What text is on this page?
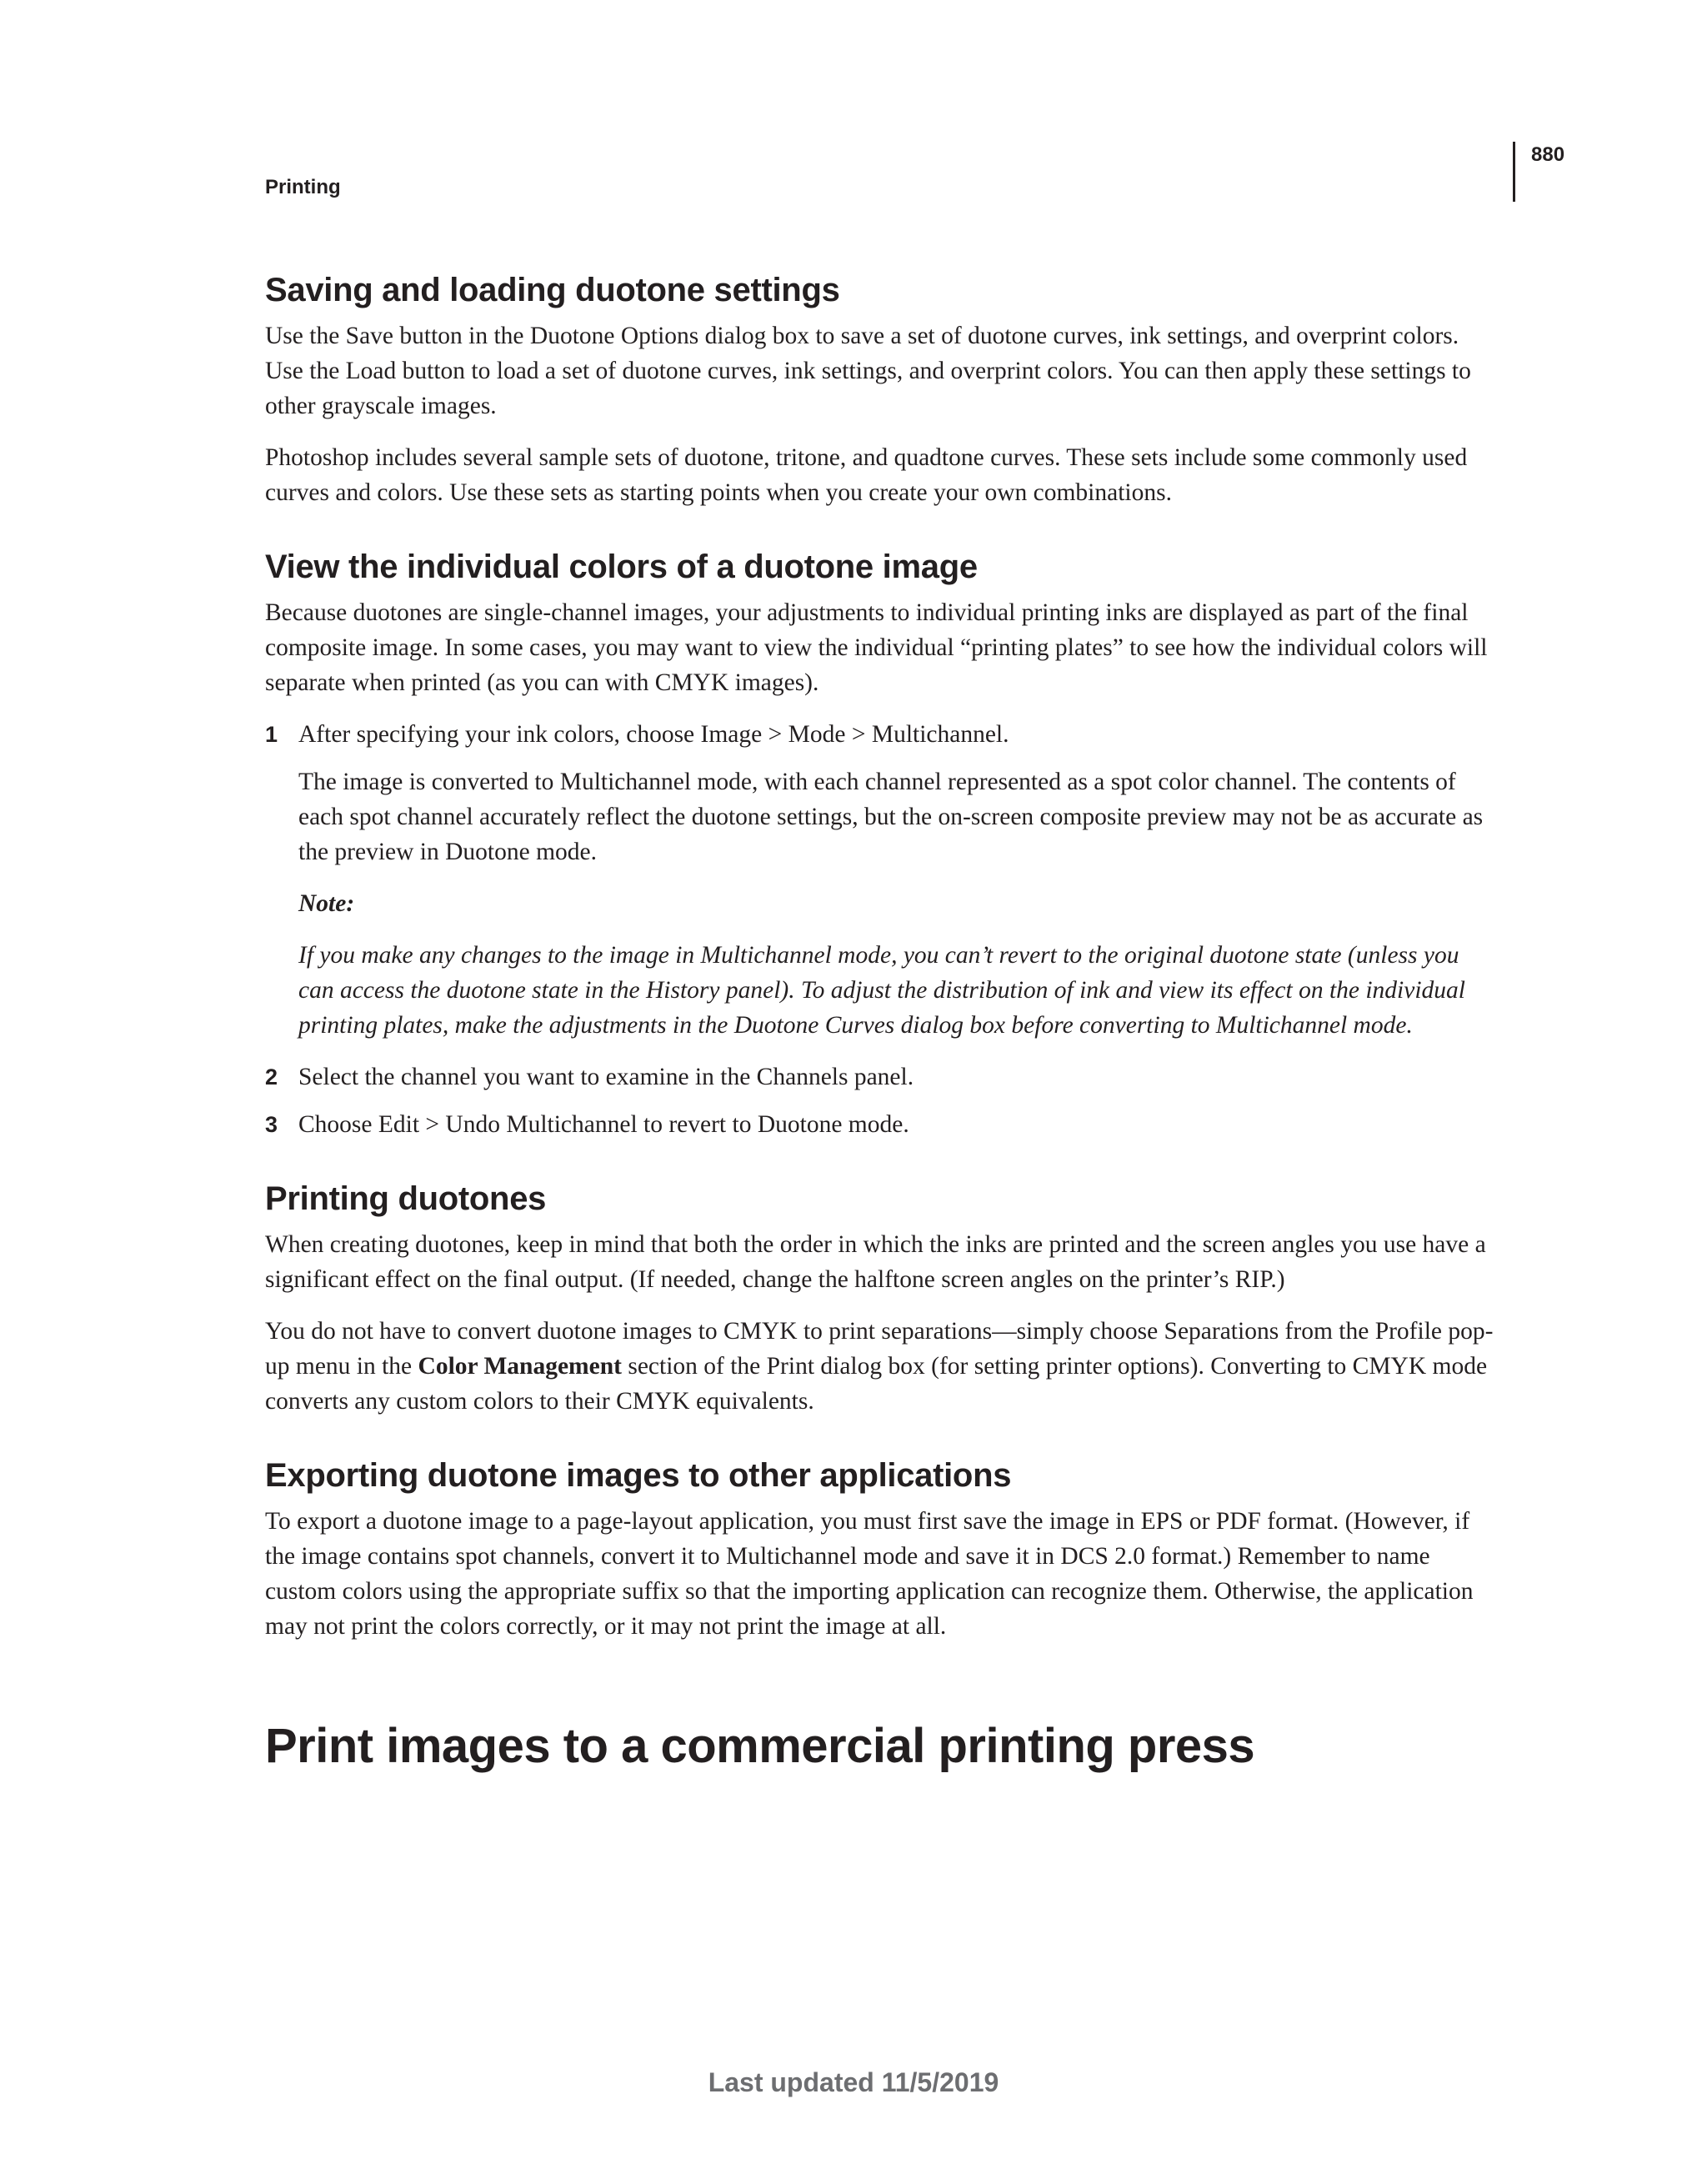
880
Printing
Saving and loading duotone settings

Use the Save button in the Duotone Options dialog box to save a set of duotone curves, ink settings, and overprint colors. Use the Load button to load a set of duotone curves, ink settings, and overprint colors. You can then apply these settings to other grayscale images.

Photoshop includes several sample sets of duotone, tritone, and quadtone curves. These sets include some commonly used curves and colors. Use these sets as starting points when you create your own combinations.

View the individual colors of a duotone image

Because duotones are single-channel images, your adjustments to individual printing inks are displayed as part of the final composite image. In some cases, you may want to view the individual “printing plates” to see how the individual colors will separate when printed (as you can with CMYK images).

1 After specifying your ink colors, choose Image > Mode > Multichannel.

The image is converted to Multichannel mode, with each channel represented as a spot color channel. The contents of each spot channel accurately reflect the duotone settings, but the on-screen composite preview may not be as accurate as the preview in Duotone mode.

Note:

If you make any changes to the image in Multichannel mode, you can’t revert to the original duotone state (unless you can access the duotone state in the History panel). To adjust the distribution of ink and view its effect on the individual printing plates, make the adjustments in the Duotone Curves dialog box before converting to Multichannel mode.

2 Select the channel you want to examine in the Channels panel.

3 Choose Edit > Undo Multichannel to revert to Duotone mode.

Printing duotones

When creating duotones, keep in mind that both the order in which the inks are printed and the screen angles you use have a significant effect on the final output. (If needed, change the halftone screen angles on the printer’s RIP.)

You do not have to convert duotone images to CMYK to print separations—simply choose Separations from the Profile pop-up menu in the Color Management section of the Print dialog box (for setting printer options). Converting to CMYK mode converts any custom colors to their CMYK equivalents.

Exporting duotone images to other applications

To export a duotone image to a page-layout application, you must first save the image in EPS or PDF format. (However, if the image contains spot channels, convert it to Multichannel mode and save it in DCS 2.0 format.) Remember to name custom colors using the appropriate suffix so that the importing application can recognize them. Otherwise, the application may not print the colors correctly, or it may not print the image at all.

Print images to a commercial printing press
Last updated 11/5/2019
